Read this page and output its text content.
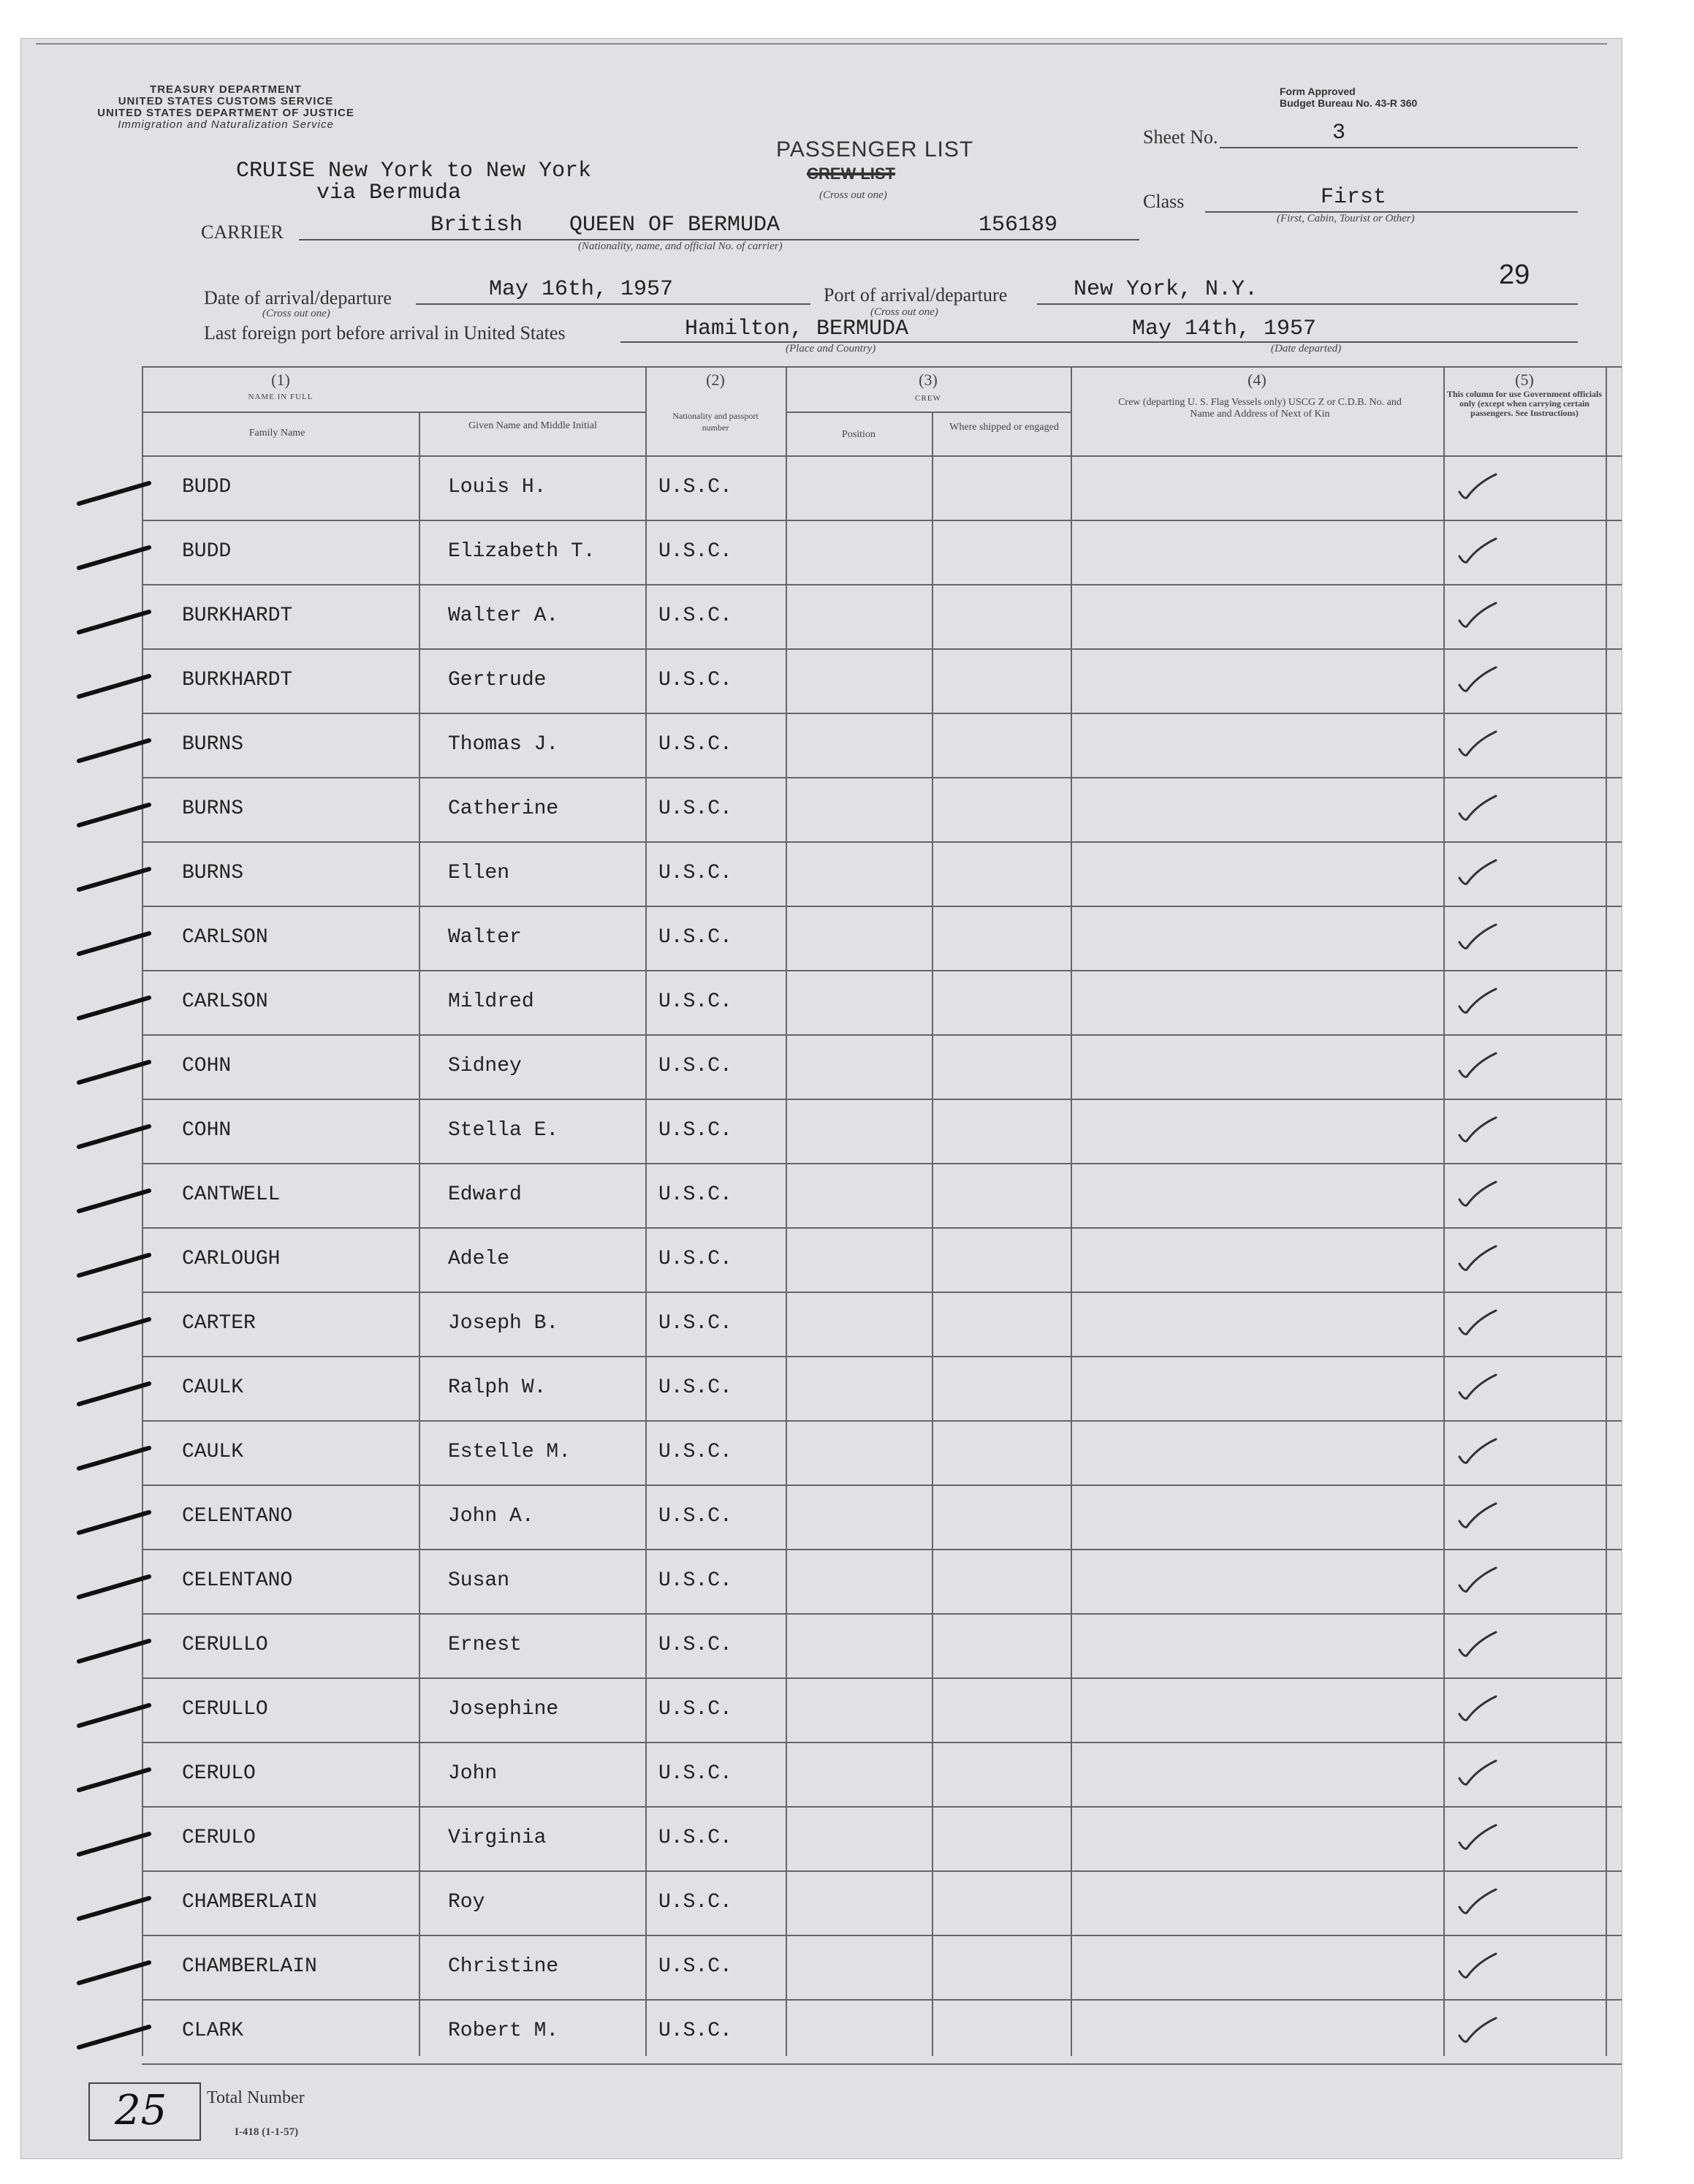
TREASURY DEPARTMENT
UNITED STATES CUSTOMS SERVICE
UNITED STATES DEPARTMENT OF JUSTICE
Immigration and Naturalization Service
Form Approved
Budget Bureau No. 43-R 360
PASSENGER LIST
CREW LIST
(Cross out one)
Sheet No.	3
Class	First
(First, Cabin, Tourist or Other)
CRUISE New York to New York
via Bermuda
CARRIER	British QUEEN OF BERMUDA	156189
(Nationality, name, and official No. of carrier)
Date of arrival/departure	May 16th, 1957
(Cross out one)
Port of arrival/departure	New York, N.Y.
(Cross out one)
29
Last foreign port before arrival in United States	Hamilton, BERMUDA
(Place and Country)
May 14th, 1957
(Date departed)
(1)
NAME IN FULL
Family Name
Given Name and Middle Initial
(2)
Nationality and passport number
(3)
CREW
Position
Where shipped or engaged
(4)
Crew (departing U. S. Flag Vessels only) USCG Z or C.D.B. No. and Name and Address of Next of Kin
(5)
This column for use Government officials only (except when carrying certain passengers. See Instructions)
BUDD	Louis H.	U.S.C.
BUDD	Elizabeth T.	U.S.C.
BURKHARDT	Walter A.	U.S.C.
BURKHARDT	Gertrude	U.S.C.
BURNS	Thomas J.	U.S.C.
BURNS	Catherine	U.S.C.
BURNS	Ellen	U.S.C.
CARLSON	Walter	U.S.C.
CARLSON	Mildred	U.S.C.
COHN	Sidney	U.S.C.
COHN	Stella E.	U.S.C.
CANTWELL	Edward	U.S.C.
CARLOUGH	Adele	U.S.C.
CARTER	Joseph B.	U.S.C.
CAULK	Ralph W.	U.S.C.
CAULK	Estelle M.	U.S.C.
CELENTANO	John A.	U.S.C.
CELENTANO	Susan	U.S.C.
CERULLO	Ernest	U.S.C.
CERULLO	Josephine	U.S.C.
CERULO	John	U.S.C.
CERULO	Virginia	U.S.C.
CHAMBERLAIN	Roy	U.S.C.
CHAMBERLAIN	Christine	U.S.C.
CLARK	Robert M.	U.S.C.
25 Total Number
I-418 (1-1-57)
